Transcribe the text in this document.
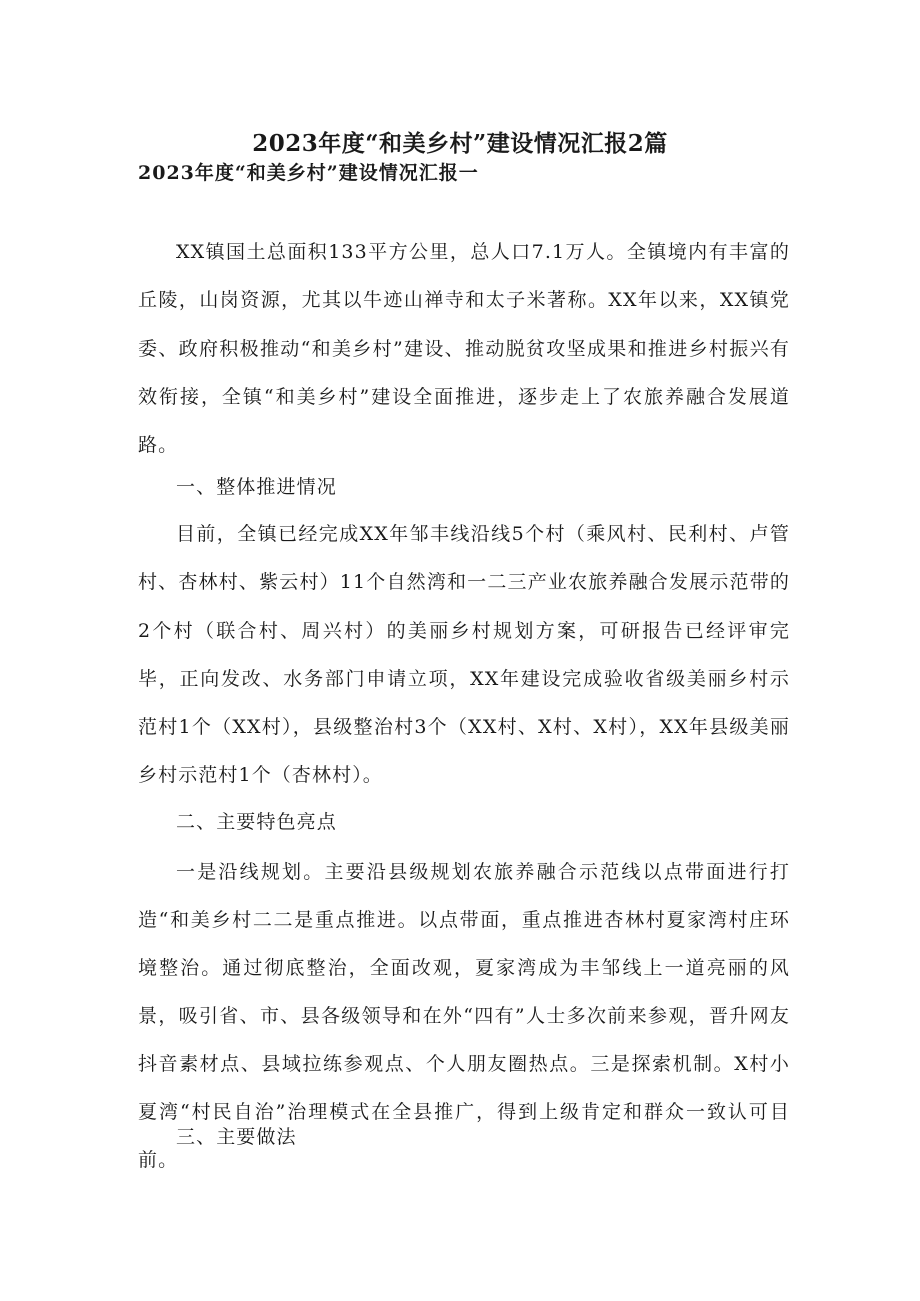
2023年度“和美乡村”建设情况汇报2篇
2023年度“和美乡村”建设情况汇报一

XX镇国土总面积133平方公里，总人口7.1万人。全镇境内有丰富的丘陵，山岗资源，尤其以牛迹山禅寺和太子米著称。XX年以来，XX镇党委、政府积极推动“和美乡村”建设、推动脱贫攻坚成果和推进乡村振兴有效衔接，全镇“和美乡村”建设全面推进，逐步走上了农旅养融合发展道路。

一、整体推进情况

目前，全镇已经完成XX年邹丰线沿线5个村（乘风村、民利村、卢管村、杏林村、紫云村）11个自然湾和一二三产业农旅养融合发展示范带的2个村（联合村、周兴村）的美丽乡村规划方案，可研报告已经评审完毕，正向发改、水务部门申请立项，XX年建设完成验收省级美丽乡村示范村1个（XX村），县级整治村3个（XX村、X村、X村），XX年县级美丽乡村示范村1个（杏林村）。

二、主要特色亮点

一是沿线规划。主要沿县级规划农旅养融合示范线以点带面进行打造“和美乡村二二是重点推进。以点带面，重点推进杏林村夏家湾村庄环境整治。通过彻底整治，全面改观，夏家湾成为丰邹线上一道亮丽的风景，吸引省、市、县各级领导和在外“四有”人士多次前来参观，晋升网友抖音素材点、县域拉练参观点、个人朋友圈热点。三是探索机制。X村小夏湾“村民自治”治理模式在全县推广，得到上级肯定和群众一致认可目前。

三、主要做法
